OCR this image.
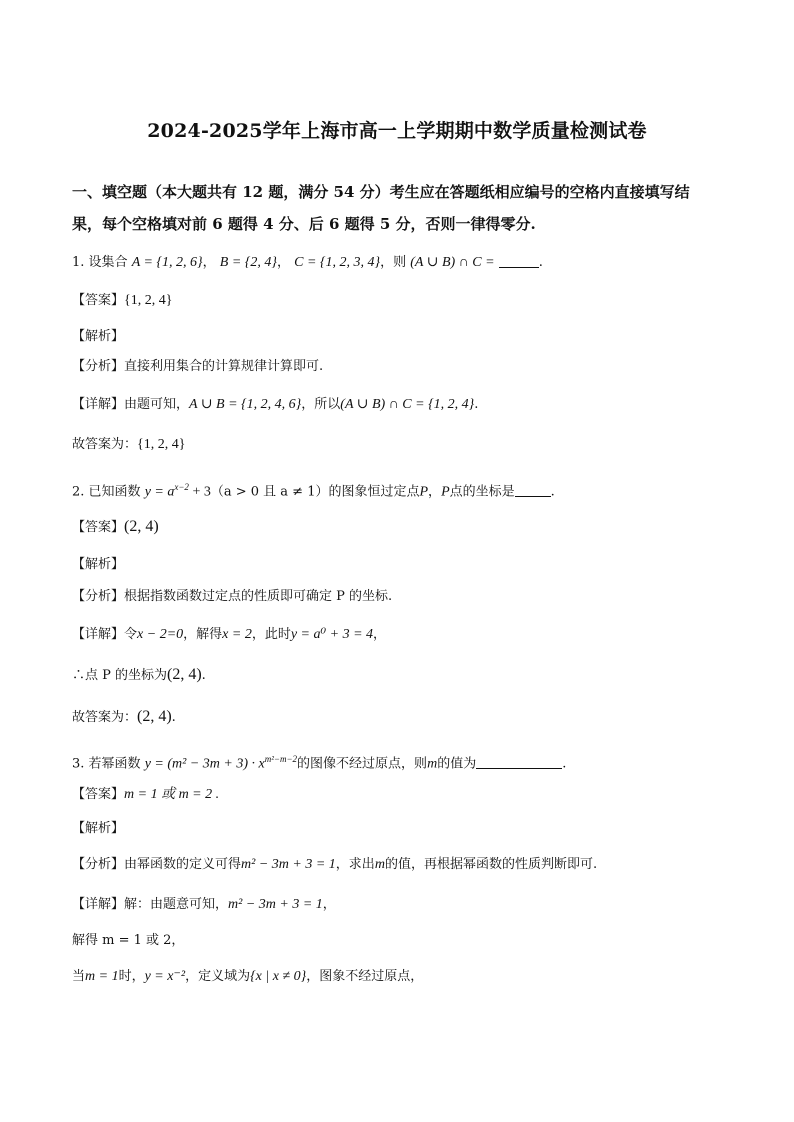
2024-2025学年上海市高一上学期期中数学质量检测试卷
一、填空题（本大题共有 12 题，满分 54 分）考生应在答题纸相应编号的空格内直接填写结
果，每个空格填对前 6 题得 4 分、后 6 题得 5 分，否则一律得零分.
1. 设集合 A = {1, 2, 6}， B = {2, 4}， C = {1, 2, 3, 4}，则 (A ∪ B) ∩ C =	.
【答案】{1, 2, 4}
【解析】
【分析】直接利用集合的计算规律计算即可.
【详解】由题可知，A ∪ B = {1, 2, 4, 6}，所以(A ∪ B) ∩ C = {1, 2, 4}.
故答案为：{1, 2, 4}
2. 已知函数 $y = a^{x-2} + 3(a > 0$ 且 a ≠ 1）的图象恒过定点P，P点的坐标是	.
【答案】(2, 4)
【解析】
【分析】根据指数函数过定点的性质即可确定 P 的坐标.
【详解】令x − 2=0，解得x = 2，此时y = a⁰ + 3 = 4，
∴点 P 的坐标为(2, 4).
故答案为：(2, 4).
3. 若幂函数 $y = (m^2 - 3m + 3) \cdot x^{m^2-m-2}$的图像不经过原点，则m的值为	.
【答案】m = 1 或 m = 2 .
【解析】
【分析】由幂函数的定义可得m² − 3m + 3 = 1，求出m的值，再根据幂函数的性质判断即可.
【详解】解：由题意可知，m² − 3m + 3 = 1，
解得 m = 1 或 2，
当m = 1时，y = x⁻²，定义域为{x | x ≠ 0}，图象不经过原点，
